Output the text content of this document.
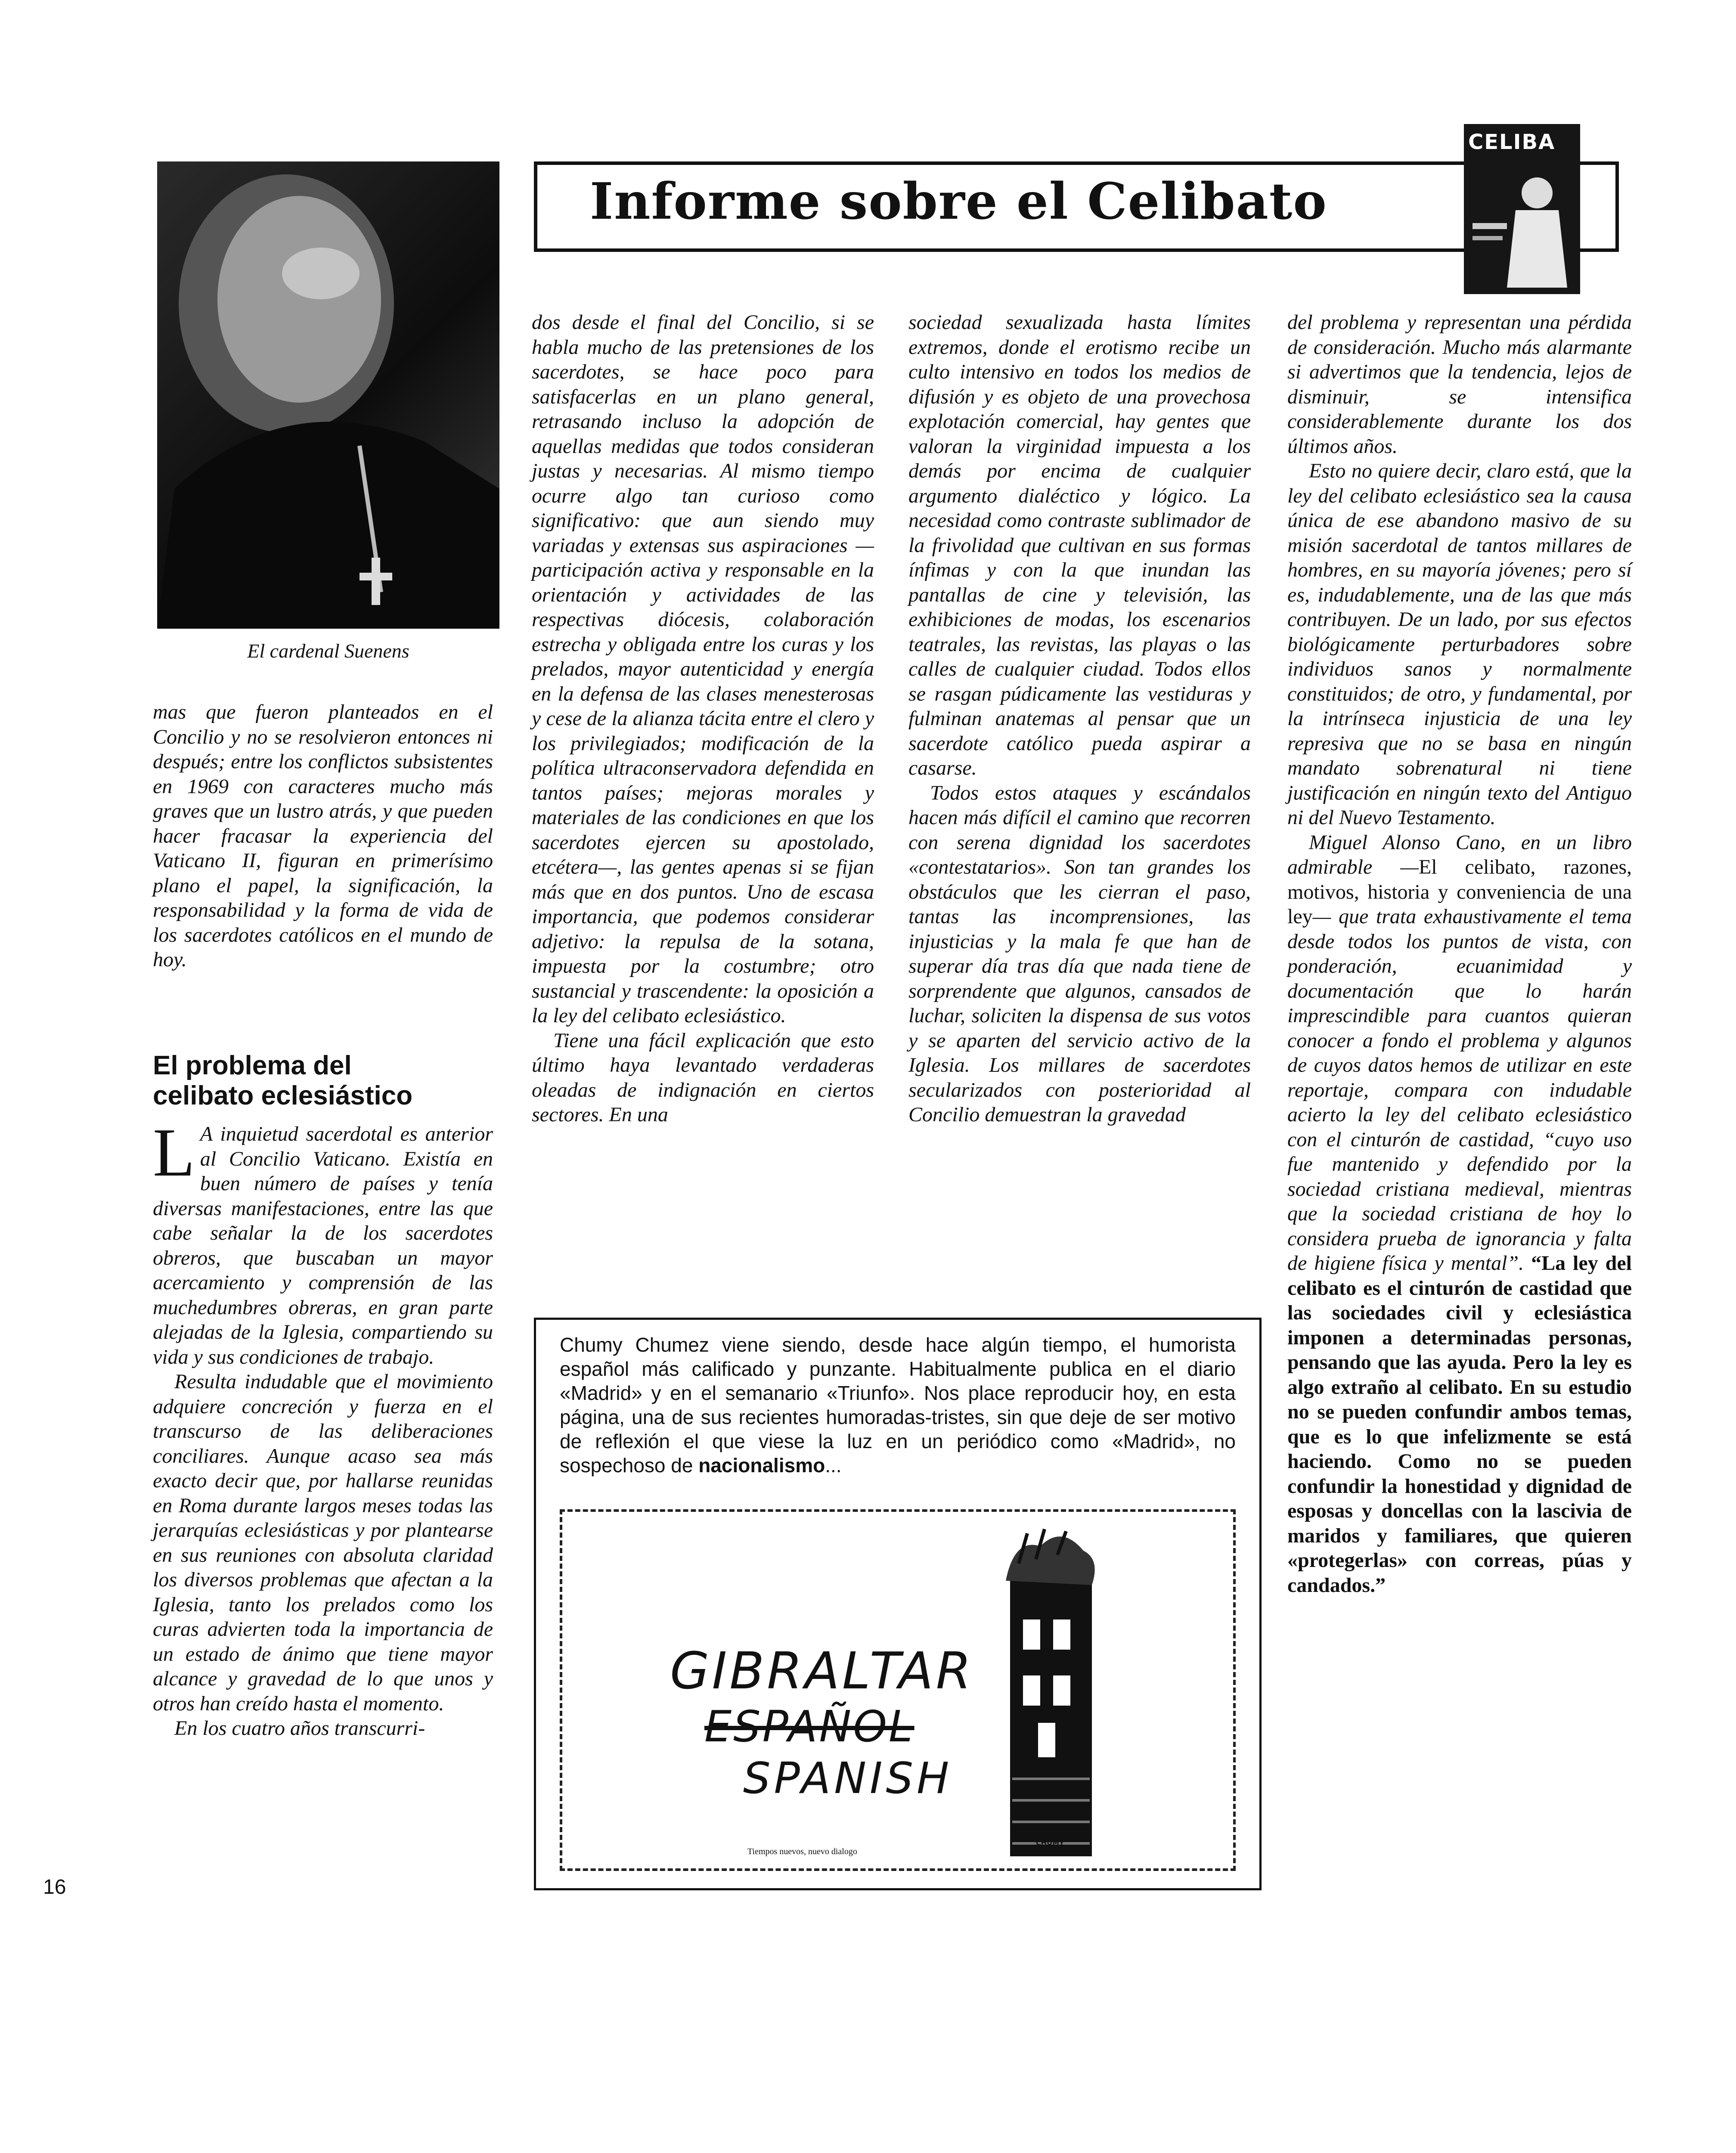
El cardenal Suenens
Informe sobre el Celibato
CELIBA

mas que fueron planteados en el Concilio y no se resolvieron entonces ni después; entre los conflictos subsistentes en 1969 con caracteres mucho más graves que un lustro atrás, y que pueden hacer fracasar la experiencia del Vaticano II, figuran en primerísimo plano el papel, la significación, la responsabilidad y la forma de vida de los sacerdotes católicos en el mundo de hoy.

El problema del celibato eclesiástico

L A inquietud sacerdotal es anterior al Concilio Vaticano. Existía en buen número de países y tenía diversas manifestaciones, entre las que cabe señalar la de los sacerdotes obreros, que buscaban un mayor acercamiento y comprensión de las muchedumbres obreras, en gran parte alejadas de la Iglesia, compartiendo su vida y sus condiciones de trabajo.

Resulta indudable que el movimiento adquiere concreción y fuerza en el transcurso de las deliberaciones conciliares. Aunque acaso sea más exacto decir que, por hallarse reunidas en Roma durante largos meses todas las jerarquías eclesiásticas y por plantearse en sus reuniones con absoluta claridad los diversos problemas que afectan a la Iglesia, tanto los prelados como los curas advierten toda la importancia de un estado de ánimo que tiene mayor alcance y gravedad de lo que unos y otros han creído hasta el momento.

En los cuatro años transcurri-

16

dos desde el final del Concilio, si se habla mucho de las pretensiones de los sacerdotes, se hace poco para satisfacerlas en un plano general, retrasando incluso la adopción de aquellas medidas que todos consideran justas y necesarias. Al mismo tiempo ocurre algo tan curioso como significativo: que aun siendo muy variadas y extensas sus aspiraciones —participación activa y responsable en la orientación y actividades de las respectivas diócesis, colaboración estrecha y obligada entre los curas y los prelados, mayor autenticidad y energía en la defensa de las clases menesterosas y cese de la alianza tácita entre el clero y los privilegiados; modificación de la política ultraconservadora defendida en tantos países; mejoras morales y materiales de las condiciones en que los sacerdotes ejercen su apostolado, etcétera—, las gentes apenas si se fijan más que en dos puntos. Uno de escasa importancia, que podemos considerar adjetivo: la repulsa de la sotana, impuesta por la costumbre; otro sustancial y trascendente: la oposición a la ley del celibato eclesiástico.

Tiene una fácil explicación que esto último haya levantado verdaderas oleadas de indignación en ciertos sectores. En una

sociedad sexualizada hasta límites extremos, donde el erotismo recibe un culto intensivo en todos los medios de difusión y es objeto de una provechosa explotación comercial, hay gentes que valoran la virginidad impuesta a los demás por encima de cualquier argumento dialéctico y lógico. La necesidad como contraste sublimador de la frivolidad que cultivan en sus formas ínfimas y con la que inundan las pantallas de cine y televisión, las exhibiciones de modas, los escenarios teatrales, las revistas, las playas o las calles de cualquier ciudad. Todos ellos se rasgan púdicamente las vestiduras y fulminan anatemas al pensar que un sacerdote católico pueda aspirar a casarse.

Todos estos ataques y escándalos hacen más difícil el camino que recorren con serena dignidad los sacerdotes «contestatarios». Son tan grandes los obstáculos que les cierran el paso, tantas las incomprensiones, las injusticias y la mala fe que han de superar día tras día que nada tiene de sorprendente que algunos, cansados de luchar, soliciten la dispensa de sus votos y se aparten del servicio activo de la Iglesia. Los millares de sacerdotes secularizados con posterioridad al Concilio demuestran la gravedad

del problema y representan una pérdida de consideración. Mucho más alarmante si advertimos que la tendencia, lejos de disminuir, se intensifica considerablemente durante los dos últimos años.

Esto no quiere decir, claro está, que la ley del celibato eclesiástico sea la causa única de ese abandono masivo de su misión sacerdotal de tantos millares de hombres, en su mayoría jóvenes; pero sí es, indudablemente, una de las que más contribuyen. De un lado, por sus efectos biológicamente perturbadores sobre individuos sanos y normalmente constituidos; de otro, y fundamental, por la intrínseca injusticia de una ley represiva que no se basa en ningún mandato sobrenatural ni tiene justificación en ningún texto del Antiguo ni del Nuevo Testamento.

Miguel Alonso Cano, en un libro admirable —El celibato, razones, motivos, historia y conveniencia de una ley— que trata exhaustivamente el tema desde todos los puntos de vista, con ponderación, ecuanimidad y documentación que lo harán imprescindible para cuantos quieran conocer a fondo el problema y algunos de cuyos datos hemos de utilizar en este reportaje, compara con indudable acierto la ley del celibato eclesiástico con el cinturón de castidad, “cuyo uso fue mantenido y defendido por la sociedad cristiana medieval, mientras que la sociedad cristiana de hoy lo considera prueba de ignorancia y falta de higiene física y mental”. “La ley del celibato es el cinturón de castidad que las sociedades civil y eclesiástica imponen a determinadas personas, pensando que las ayuda. Pero la ley es algo extraño al celibato. En su estudio no se pueden confundir ambos temas, que es lo que infelizmente se está haciendo. Como no se pueden confundir la honestidad y dignidad de esposas y doncellas con la lascivia de maridos y familiares, que quieren «protegerlas» con correas, púas y candados.”

Chumy Chumez viene siendo, desde hace algún tiempo, el humorista español más calificado y punzante. Habitualmente publica en el diario «Madrid» y en el semanario «Triunfo». Nos place reproducir hoy, en esta página, una de sus recientes humoradas-tristes, sin que deje de ser motivo de reflexión el que viese la luz en un periódico como «Madrid», no sospechoso de nacionalismo...
GIBRALTAR
ESPAÑOL
SPANISH
Tiempos nuevos, nuevo dialogo
CHUMY CHUMEZ
